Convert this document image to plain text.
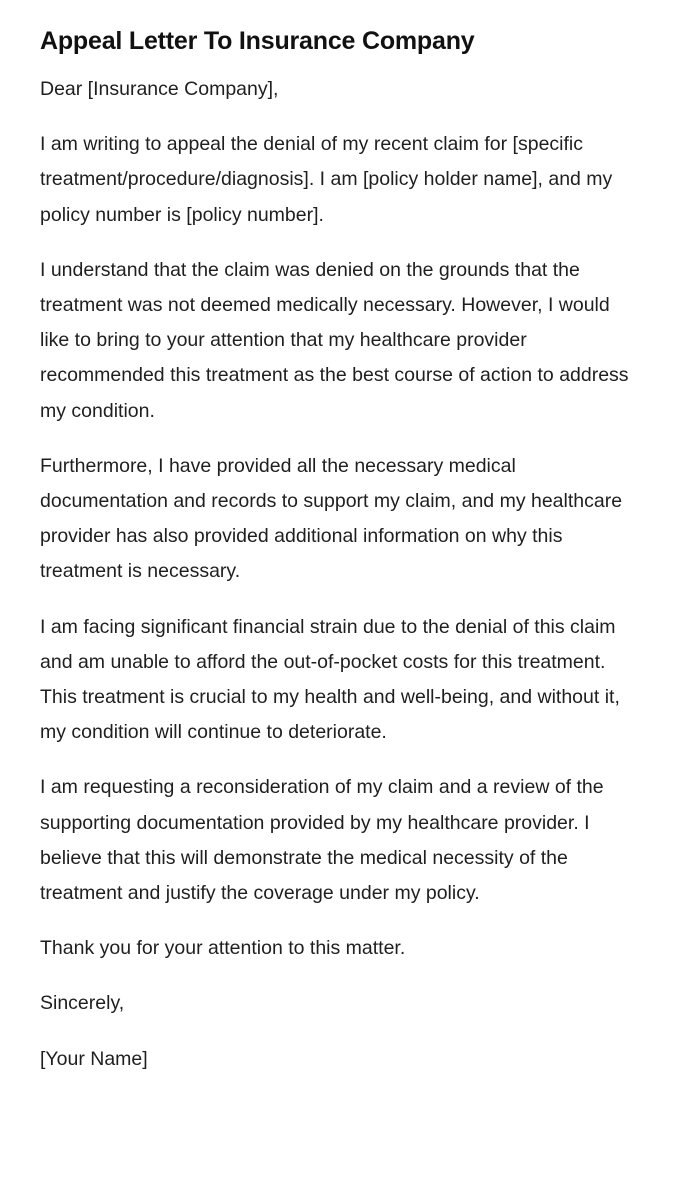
Appeal Letter To Insurance Company

Dear [Insurance Company],

I am writing to appeal the denial of my recent claim for [specific treatment/procedure/diagnosis]. I am [policy holder name], and my policy number is [policy number].

I understand that the claim was denied on the grounds that the treatment was not deemed medically necessary. However, I would like to bring to your attention that my healthcare provider recommended this treatment as the best course of action to address my condition.

Furthermore, I have provided all the necessary medical documentation and records to support my claim, and my healthcare provider has also provided additional information on why this treatment is necessary.

I am facing significant financial strain due to the denial of this claim and am unable to afford the out-of-pocket costs for this treatment. This treatment is crucial to my health and well-being, and without it, my condition will continue to deteriorate.

I am requesting a reconsideration of my claim and a review of the supporting documentation provided by my healthcare provider. I believe that this will demonstrate the medical necessity of the treatment and justify the coverage under my policy.

Thank you for your attention to this matter.

Sincerely,

[Your Name]
